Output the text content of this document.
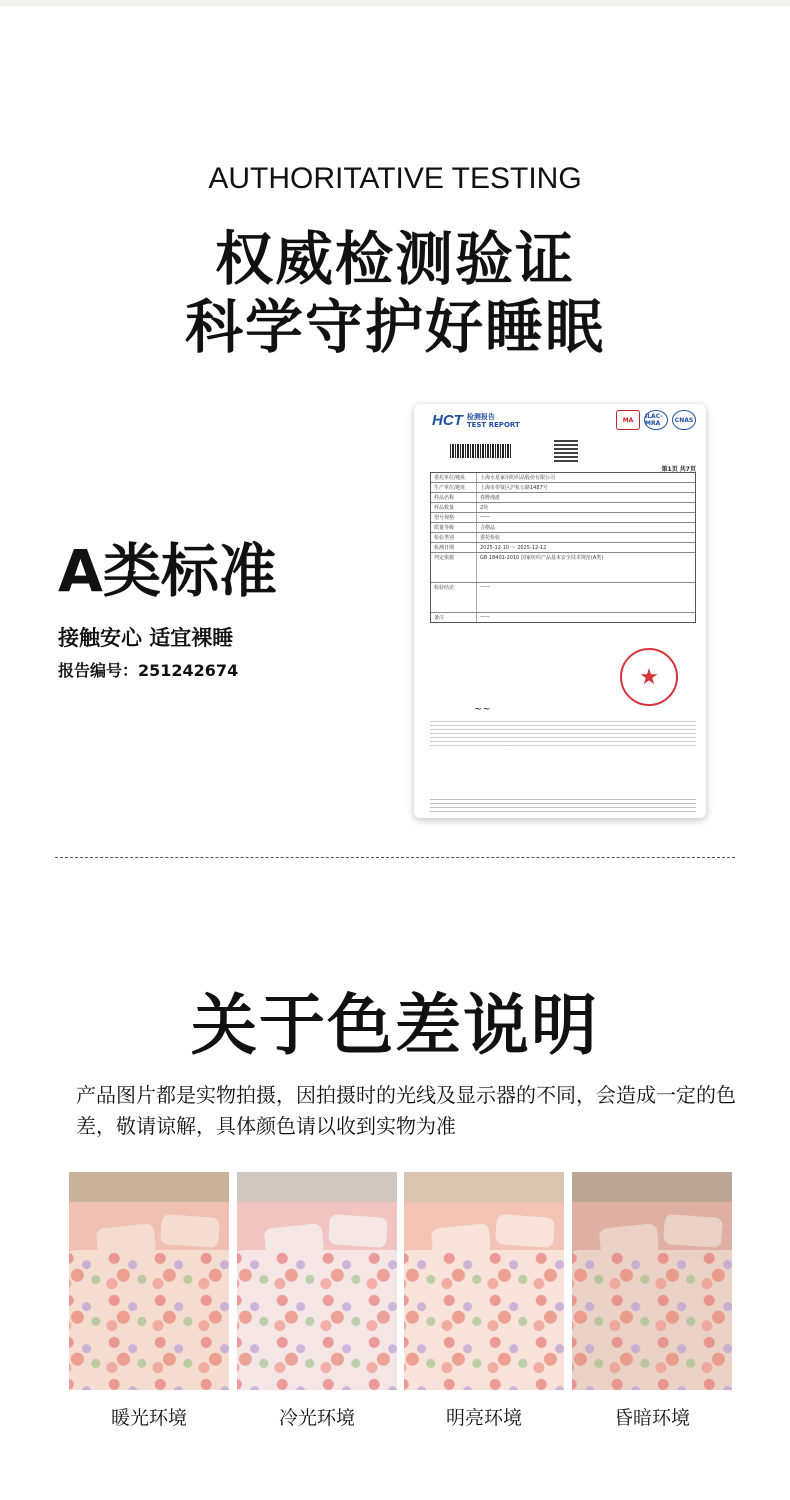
AUTHORITATIVE TESTING
权威检测验证
科学守护好睡眠
A类标准
接触安心 适宜裸睡
报告编号：251242674
HCT 检测报告
TEST REPORT
MA	ILAC-MRA	CNAS
第1页 共7页
委托单位/地址	上海水星家用纺织品股份有限公司
生产单位/地址	上海市奉贤区沪杭公路1487号
样品名称	春野漫游
样品数量	2块
型号规格	——
质量等级	合格品
检验类别	委托检验
检测日期	2025-12-10 ～ 2025-12-12
判定依据	GB 18401-2010 国家纺织产品基本安全技术规范(A类)
检验结论	——
备注	——
★
~~
关于色差说明
产品图片都是实物拍摄，因拍摄时的光线及显示器的不同，会造成一定的色差，敬请谅解，具体颜色请以收到实物为准
暖光环境	冷光环境	明亮环境	昏暗环境
